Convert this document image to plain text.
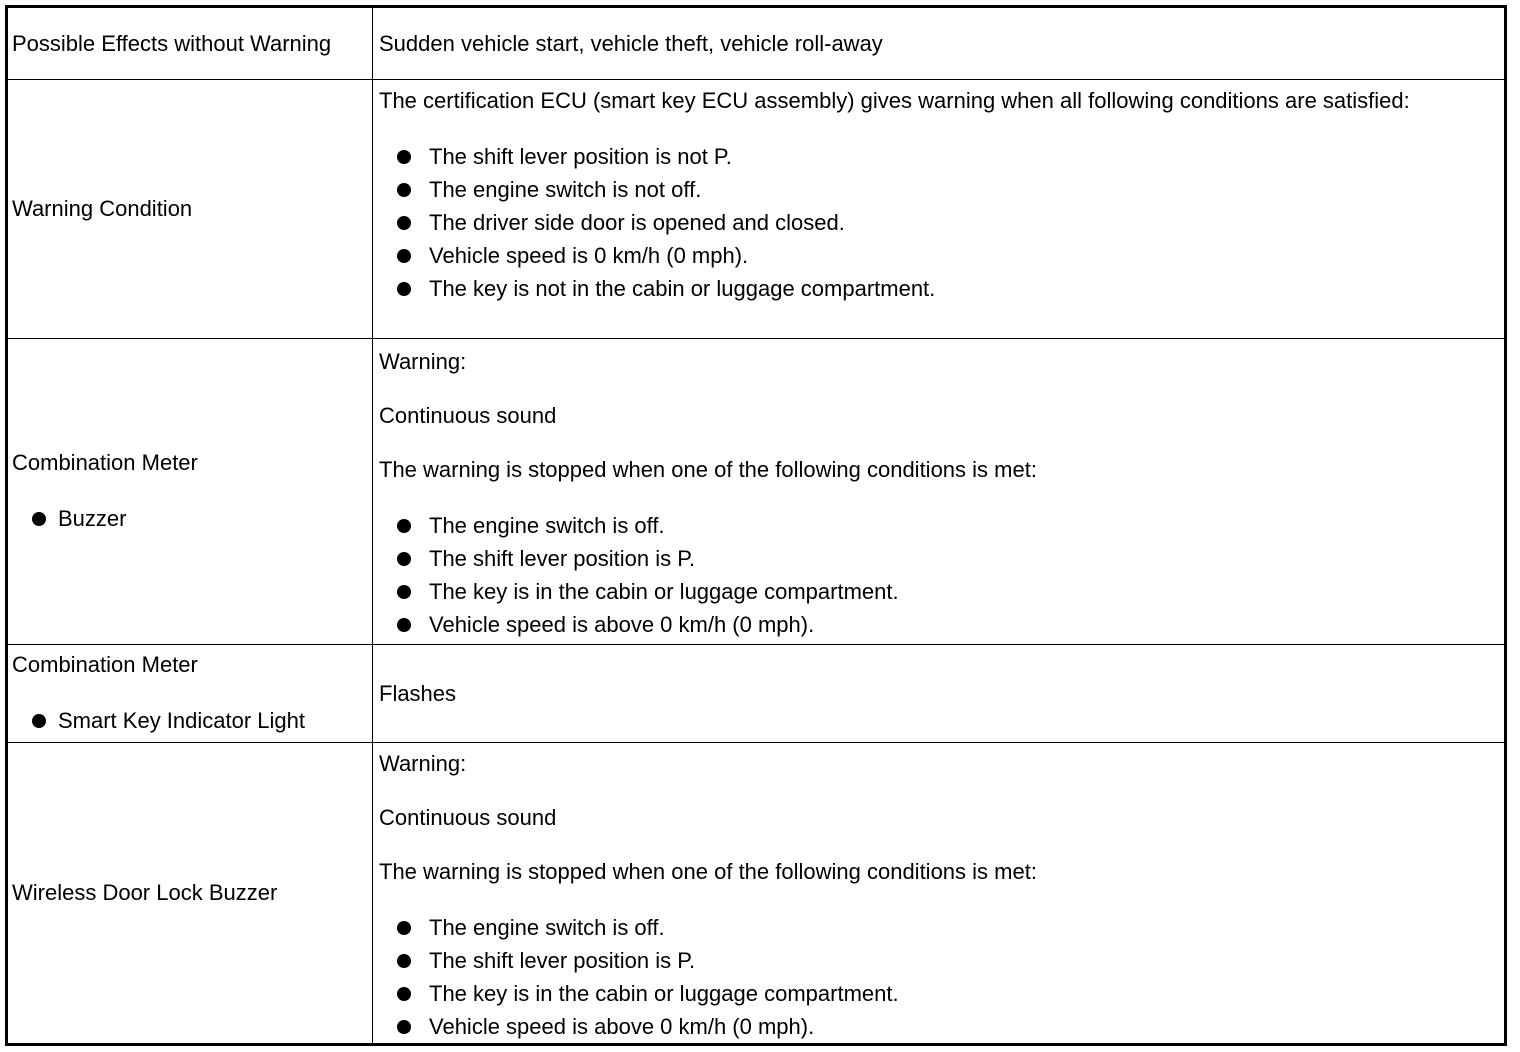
Possible Effects without Warning	Sudden vehicle start, vehicle theft, vehicle roll-away

Warning Condition

The certification ECU (smart key ECU assembly) gives warning when all following conditions are satisfied:

The shift lever position is not P.
The engine switch is not off.
The driver side door is opened and closed.
Vehicle speed is 0 km/h (0 mph).
The key is not in the cabin or luggage compartment.

Combination Meter

Buzzer

Warning:

Continuous sound

The warning is stopped when one of the following conditions is met:

The engine switch is off.
The shift lever position is P.
The key is in the cabin or luggage compartment.
Vehicle speed is above 0 km/h (0 mph).

Combination Meter

Smart Key Indicator Light

Flashes

Wireless Door Lock Buzzer

Warning:

Continuous sound

The warning is stopped when one of the following conditions is met:

The engine switch is off.
The shift lever position is P.
The key is in the cabin or luggage compartment.
Vehicle speed is above 0 km/h (0 mph).
